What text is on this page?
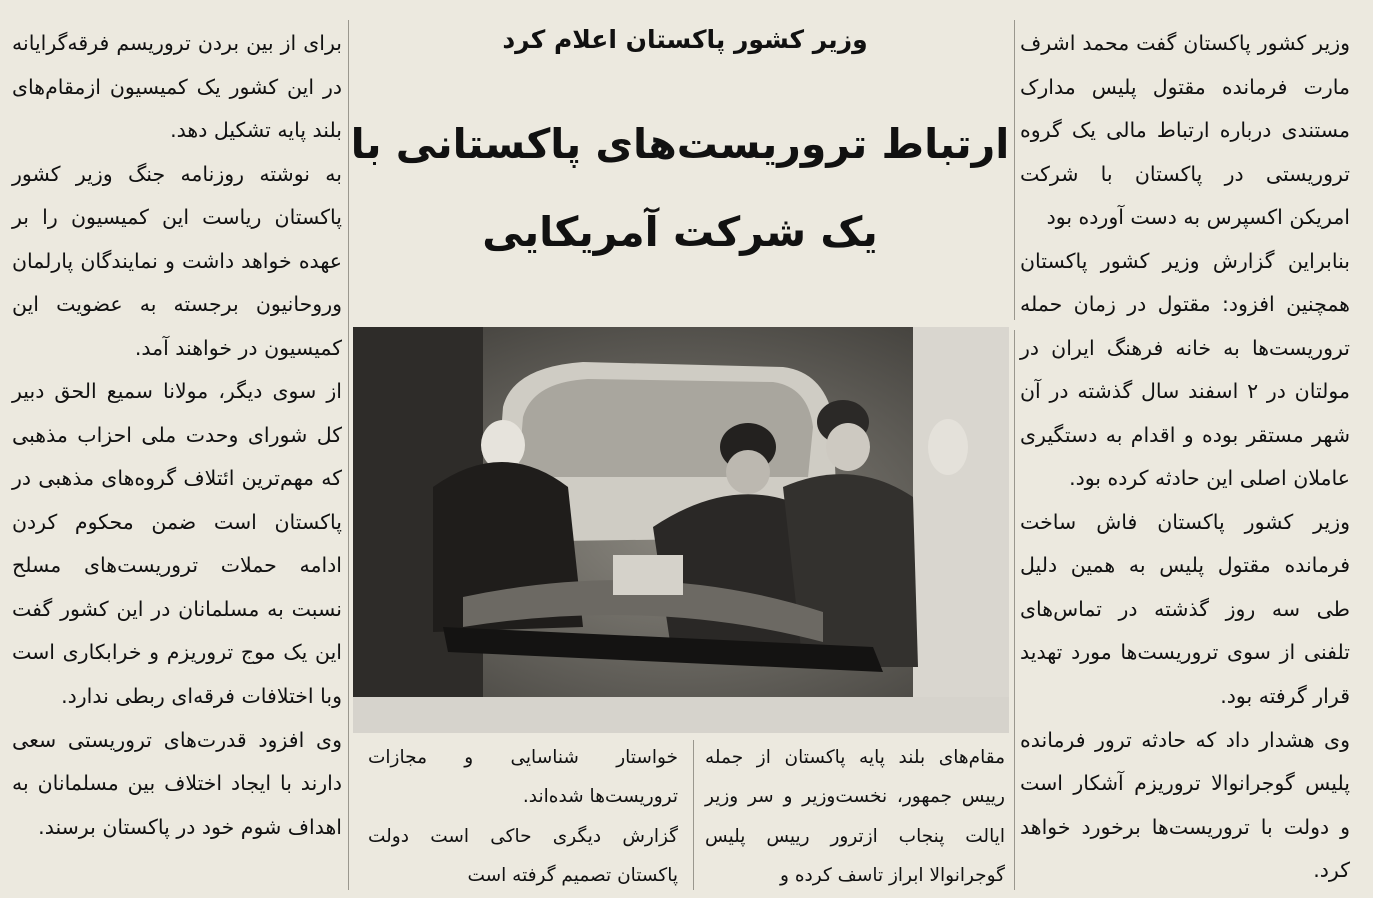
وزیر کشور پاکستان گفت محمد اشرف مارت فرمانده مقتول پلیس مدارک مستندی درباره ارتباط مالی یک گروه تروریستی در پاکستان با شرکت امریکن اکسپرس به دست آورده بود

بنابراین گزارش وزیر کشور پاکستان همچنین افزود: مقتول در زمان حمله تروریست‌ها به خانه فرهنگ ایران در مولتان در ۲ اسفند سال گذشته در آن شهر مستقر بوده و اقدام به دستگیری عاملان اصلی این حادثه کرده بود.

وزیر کشور پاکستان فاش ساخت فرمانده مقتول پلیس به همین دلیل طی سه روز گذشته در تماس‌های تلفنی از سوی تروریست‌ها مورد تهدید قرار گرفته بود.

وی هشدار داد که حادثه ترور فرمانده پلیس گوجرانوالا تروریزم آشکار است و دولت با تروریست‌ها برخورد خواهد کرد.

وزیر کشور پاکستان اعلام کرد
ارتباط تروریست‌های پاکستانی با
یک شرکت آمریکایی

برای از بین بردن تروریسم فرقه‌گرایانه در این کشور یک کمیسیون ازمقام‌های بلند پایه تشکیل دهد.

به نوشته روزنامه جنگ وزیر کشور پاکستان ریاست این کمیسیون را بر عهده خواهد داشت و نمایندگان پارلمان وروحانیون برجسته به عضویت این کمیسیون در خواهند آمد.

از سوی دیگر، مولانا سمیع الحق دبیر کل شورای وحدت ملی احزاب مذهبی که مهم‌ترین ائتلاف گروه‌های مذهبی در پاکستان است ضمن محکوم کردن ادامه حملات تروریست‌های مسلح نسبت به مسلمانان در این کشور گفت این یک موج تروریزم و خرابکاری است وبا اختلافات فرقه‌ای ربطی ندارد.

وی افزود قدرت‌های تروریستی سعی دارند با ایجاد اختلاف بین مسلمانان به اهداف شوم خود در پاکستان برسند.

مقام‌های بلند پایه پاکستان از جمله رییس جمهور، نخست‌وزیر و سر وزیر ایالت پنجاب ازترور رییس پلیس گوجرانوالا ابراز تاسف کرده و

خواستار شناسایی و مجازات تروریست‌ها شده‌اند.

گزارش دیگری حاکی است دولت پاکستان تصمیم گرفته است
